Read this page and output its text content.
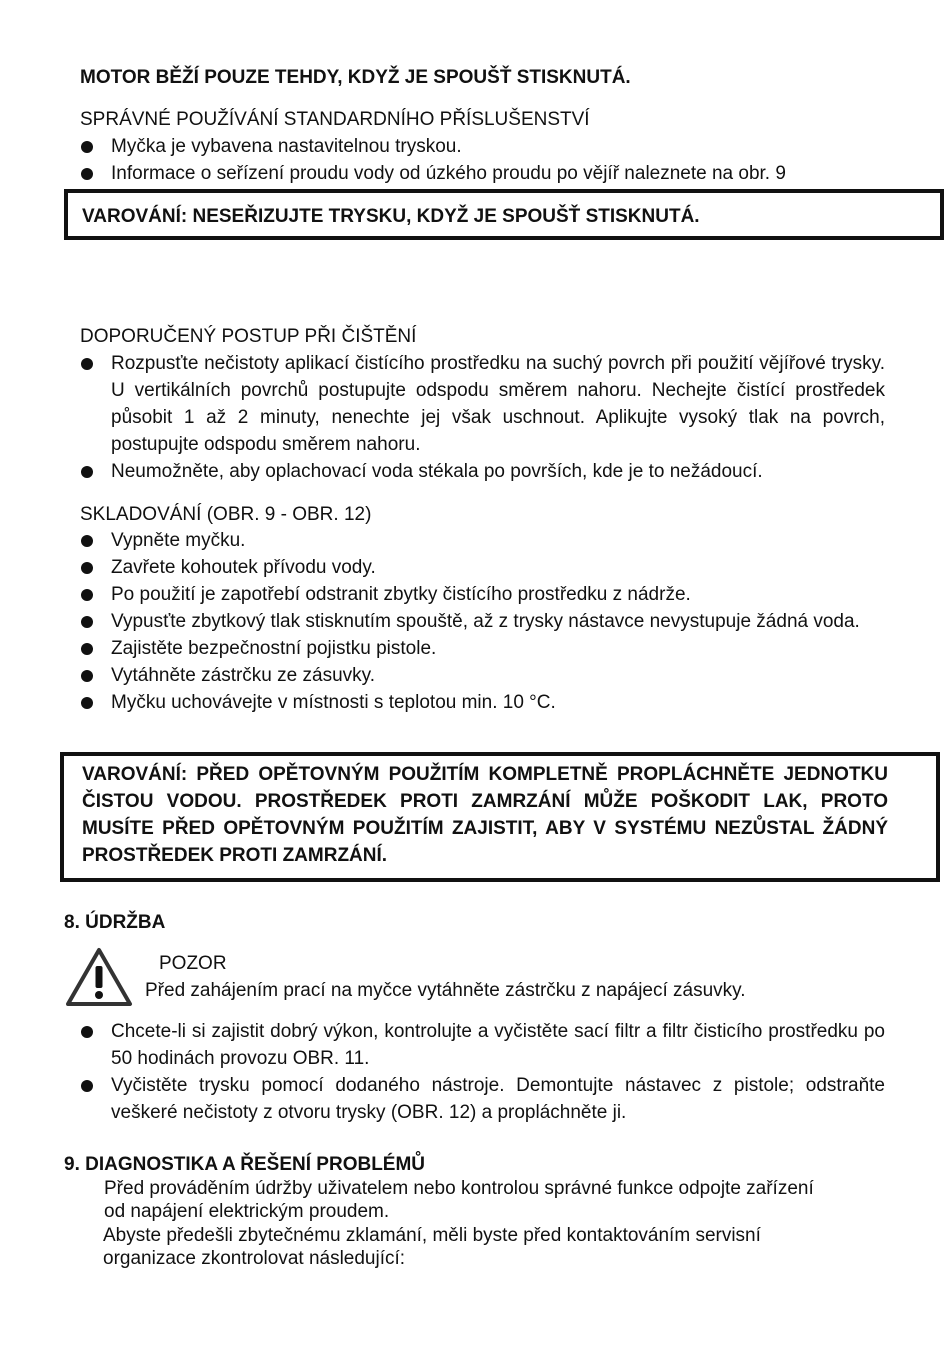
MOTOR BĚŽÍ POUZE TEHDY, KDYŽ JE SPOUŠŤ STISKNUTÁ.
SPRÁVNÉ POUŽÍVÁNÍ STANDARDNÍHO PŘÍSLUŠENSTVÍ
Myčka je vybavena nastavitelnou tryskou.
Informace o seřízení proudu vody od úzkého proudu po vějíř naleznete na obr. 9
VAROVÁNÍ: NESEŘIZUJTE TRYSKU, KDYŽ JE SPOUŠŤ STISKNUTÁ.
DOPORUČENÝ POSTUP PŘI ČIŠTĚNÍ
Rozpusťte nečistoty aplikací čistícího prostředku na suchý povrch při použití vějířové trysky. U vertikálních povrchů postupujte odspodu směrem nahoru. Nechejte čistící prostředek působit 1 až 2 minuty, nenechte jej však uschnout. Aplikujte vysoký tlak na povrch, postupujte odspodu směrem nahoru.
Neumožněte, aby oplachovací voda stékala po površích, kde je to nežádoucí.
SKLADOVÁNÍ (OBR. 9 - OBR. 12)
Vypněte myčku.
Zavřete kohoutek přívodu vody.
Po použití je zapotřebí odstranit zbytky čistícího prostředku z nádrže.
Vypusťte zbytkový tlak stisknutím spouště, až z trysky nástavce nevystupuje žádná voda.
Zajistěte bezpečnostní pojistku pistole.
Vytáhněte zástrčku ze zásuvky.
Myčku uchovávejte v místnosti s teplotou min. 10 °C.
VAROVÁNÍ: PŘED OPĚTOVNÝM POUŽITÍM KOMPLETNĚ PROPLÁCHNĚTE JEDNOTKU ČISTOU VODOU. PROSTŘEDEK PROTI ZAMRZÁNÍ MŮŽE POŠKODIT LAK, PROTO MUSÍTE PŘED OPĚTOVNÝM POUŽITÍM ZAJISTIT, ABY V SYSTÉMU NEZŮSTAL ŽÁDNÝ PROSTŘEDEK PROTI ZAMRZÁNÍ.
8. ÚDRŽBA
POZOR
Před zahájením prací na myčce vytáhněte zástrčku z napájecí zásuvky.
Chcete-li si zajistit dobrý výkon, kontrolujte a vyčistěte sací filtr a filtr čisticího prostředku po 50 hodinách provozu OBR. 11.
Vyčistěte trysku pomocí dodaného nástroje. Demontujte nástavec z pistole; odstraňte veškeré nečistoty z otvoru trysky (OBR. 12) a propláchněte ji.
9. DIAGNOSTIKA A ŘEŠENÍ PROBLÉMŮ
Před prováděním údržby uživatelem nebo kontrolou správné funkce odpojte zařízení
od napájení elektrickým proudem.
Abyste předešli zbytečnému zklamání, měli byste před kontaktováním servisní
organizace zkontrolovat následující:
